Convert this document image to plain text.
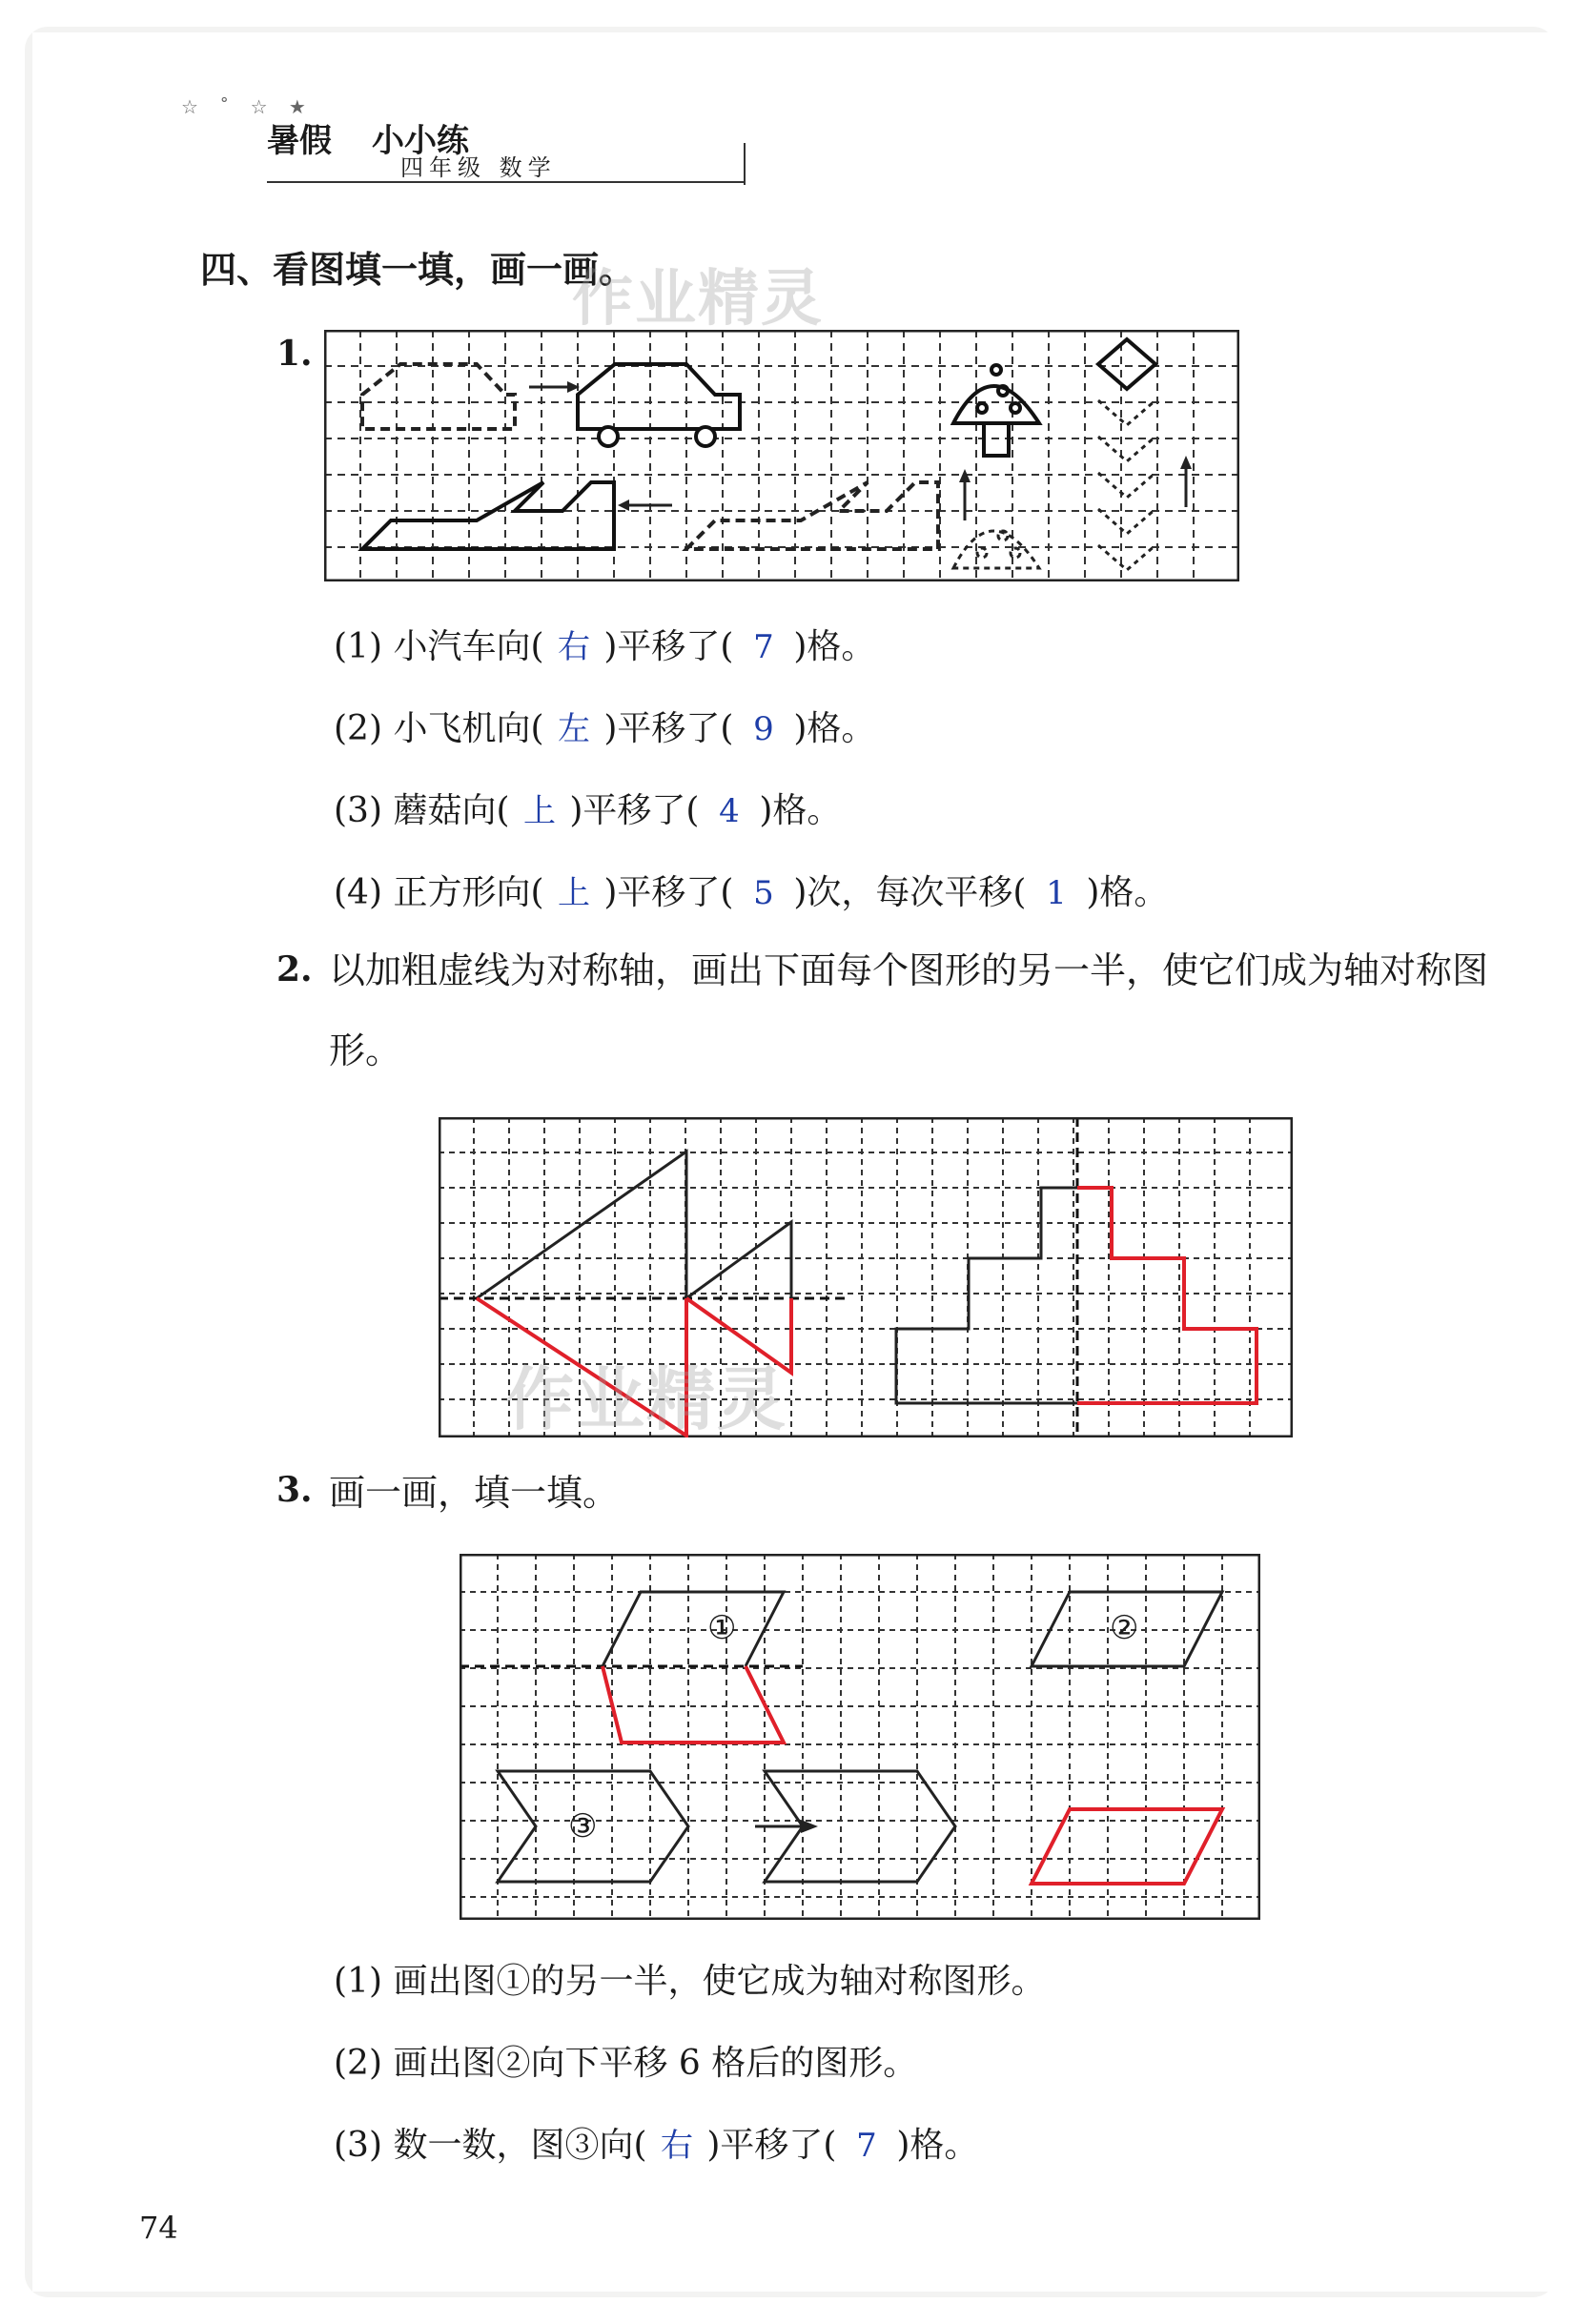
☆ ˚ ☆ ★
暑假 小小练
四年级 数学
四、看图填一填，画一画。
作业精灵
1.
(1) 小汽车向( 右 )平移了( 7 )格。
(2) 小飞机向( 左 )平移了( 9 )格。
(3) 蘑菇向( 上 )平移了( 4 )格。
(4) 正方形向( 上 )平移了( 5 )次，每次平移( 1 )格。
2. 以加粗虚线为对称轴，画出下面每个图形的另一半，使它们成为轴对称图形。
作业精灵
3. 画一画，填一填。
①	②
③
(1) 画出图①的另一半，使它成为轴对称图形。
(2) 画出图②向下平移 6 格后的图形。
(3) 数一数，图③向( 右 )平移了( 7 )格。
74
